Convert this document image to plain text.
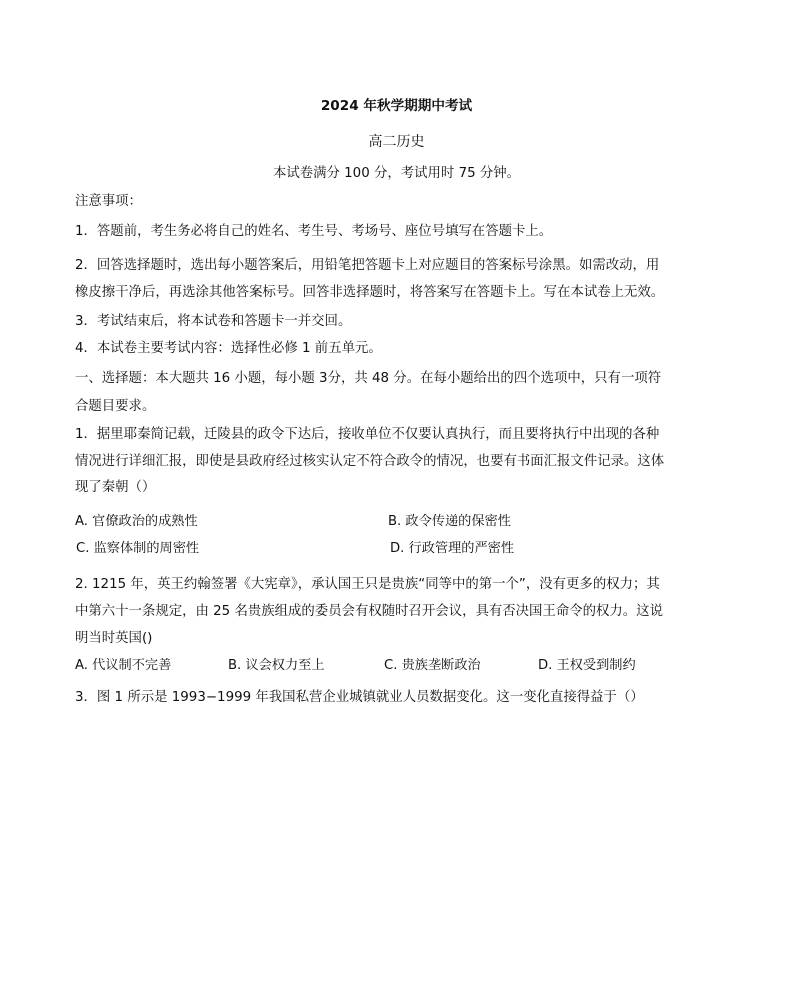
2024 年秋学期期中考试
高二历史
本试卷满分 100 分，考试用时 75 分钟。
注意事项：
1．答题前，考生务必将自己的姓名、考生号、考场号、座位号填写在答题卡上。
2．回答选择题时，选出每小题答案后，用铅笔把答题卡上对应题目的答案标号涂黑。如需改动，用
橡皮擦干净后，再选涂其他答案标号。回答非选择题时，将答案写在答题卡上。写在本试卷上无效。
3．考试结束后，将本试卷和答题卡一并交回。
4．本试卷主要考试内容：选择性必修 1 前五单元。
一、选择题：本大题共 16 小题，每小题 3分，共 48 分。在每小题给出的四个选项中，只有一项符
合题目要求。
1．据里耶秦简记载，迁陵县的政令下达后，接收单位不仅要认真执行，而且要将执行中出现的各种
情况进行详细汇报，即使是县政府经过核实认定不符合政令的情况，也要有书面汇报文件记录。这体
现了秦朝（）
A. 官僚政治的成熟性	B. 政令传递的保密性
C. 监察体制的周密性	D. 行政管理的严密性
2. 1215 年，英王约翰签署《大宪章》，承认国王只是贵族“同等中的第一个”，没有更多的权力；其
中第六十一条规定，由 25 名贵族组成的委员会有权随时召开会议，具有否决国王命令的权力。这说
明当时英国()
A. 代议制不完善	B. 议会权力至上	C. 贵族垄断政治	D. 王权受到制约
3．图 1 所示是 1993−1999 年我国私营企业城镇就业人员数据变化。这一变化直接得益于（）
